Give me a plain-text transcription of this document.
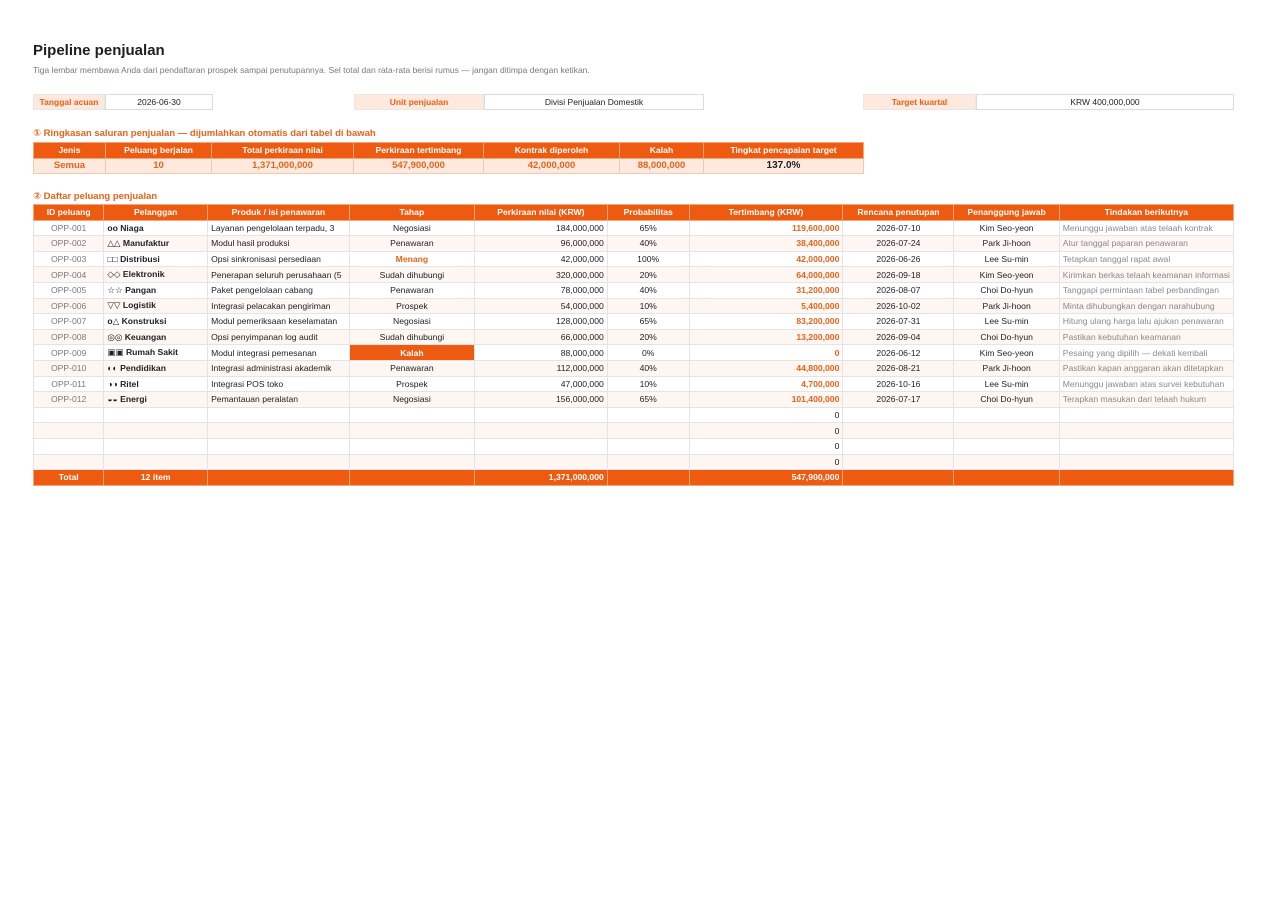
Pipeline penjualan

Tiga lembar membawa Anda dari pendaftaran prospek sampai penutupannya. Sel total dan rata-rata berisi rumus — jangan ditimpa dengan ketikan.

Tanggal acuan	2026-06-30	Unit penjualan	Divisi Penjualan Domestik	Target kuartal	KRW 400,000,000
① Ringkasan saluran penjualan — dijumlahkan otomatis dari tabel di bawah
Jenis	Peluang berjalan	Total perkiraan nilai	Perkiraan tertimbang	Kontrak diperoleh	Kalah	Tingkat pencapaian target
Semua	10	1,371,000,000	547,900,000	42,000,000	88,000,000	137.0%
② Daftar peluang penjualan
ID peluang	Pelanggan	Produk / isi penawaran	Tahap	Perkiraan nilai (KRW)	Probabilitas	Tertimbang (KRW)	Rencana penutupan	Penanggung jawab	Tindakan berikutnya
OPP-001	oo Niaga	Layanan pengelolaan terpadu, 3	Negosiasi	184,000,000	65%	119,600,000	2026-07-10	Kim Seo-yeon	Menunggu jawaban atas telaah kontrak
OPP-002	△△ Manufaktur	Modul hasil produksi	Penawaran	96,000,000	40%	38,400,000	2026-07-24	Park Ji-hoon	Atur tanggal paparan penawaran
OPP-003	□□ Distribusi	Opsi sinkronisasi persediaan	Menang	42,000,000	100%	42,000,000	2026-06-26	Lee Su-min	Tetapkan tanggal rapat awal
OPP-004	◇◇ Elektronik	Penerapan seluruh perusahaan (5	Sudah dihubungi	320,000,000	20%	64,000,000	2026-09-18	Kim Seo-yeon	Kirimkan berkas telaah keamanan informasi
OPP-005	☆☆ Pangan	Paket pengelolaan cabang	Penawaran	78,000,000	40%	31,200,000	2026-08-07	Choi Do-hyun	Tanggapi permintaan tabel perbandingan
OPP-006	▽▽ Logistik	Integrasi pelacakan pengiriman	Prospek	54,000,000	10%	5,400,000	2026-10-02	Park Ji-hoon	Minta dihubungkan dengan narahubung
OPP-007	o△ Konstruksi	Modul pemeriksaan keselamatan	Negosiasi	128,000,000	65%	83,200,000	2026-07-31	Lee Su-min	Hitung ulang harga lalu ajukan penawaran
OPP-008	◎◎ Keuangan	Opsi penyimpanan log audit	Sudah dihubungi	66,000,000	20%	13,200,000	2026-09-04	Choi Do-hyun	Pastikan kebutuhan keamanan
OPP-009	▣▣ Rumah Sakit	Modul integrasi pemesanan	Kalah	88,000,000	0%	0	2026-06-12	Kim Seo-yeon	Pesaing yang dipilih — dekati kembali
OPP-010	◐◐ Pendidikan	Integrasi administrasi akademik	Penawaran	112,000,000	40%	44,800,000	2026-08-21	Park Ji-hoon	Pastikan kapan anggaran akan ditetapkan
OPP-011	◑◑ Ritel	Integrasi POS toko	Prospek	47,000,000	10%	4,700,000	2026-10-16	Lee Su-min	Menunggu jawaban atas survei kebutuhan
OPP-012	◒◒ Energi	Pemantauan peralatan	Negosiasi	156,000,000	65%	101,400,000	2026-07-17	Choi Do-hyun	Terapkan masukan dari telaah hukum
						0			
						0			
						0			
						0			
Total	12 item			1,371,000,000		547,900,000			
